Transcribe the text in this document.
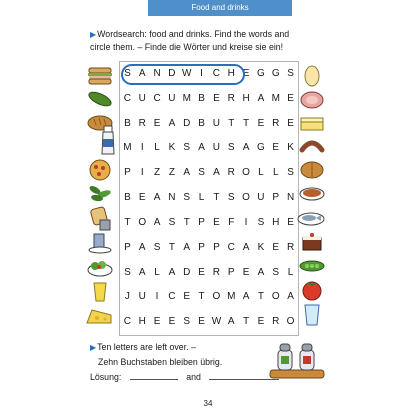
Food and drinks
▶Wordsearch: food and drinks. Find the words and
circle them. – Finde die Wörter und kreise sie ein!
S A N D W I C H E G G S
C U C U M B E R H A M E
B R E A D B U T T E R E
M I	L K S A U S A G E K
P	I	Z Z A S A R O L L S
B E A N S L T S O U P N
T O A S T P E F	I	S H E
P A S T A P P C A K E R
S A L A D E R P E A S L
J U I C E T O M A T O A
C H E E S E W A T E R O
▶Ten letters are left over. –
Zehn Buchstaben bleiben übrig.
Lösung:	and
34
